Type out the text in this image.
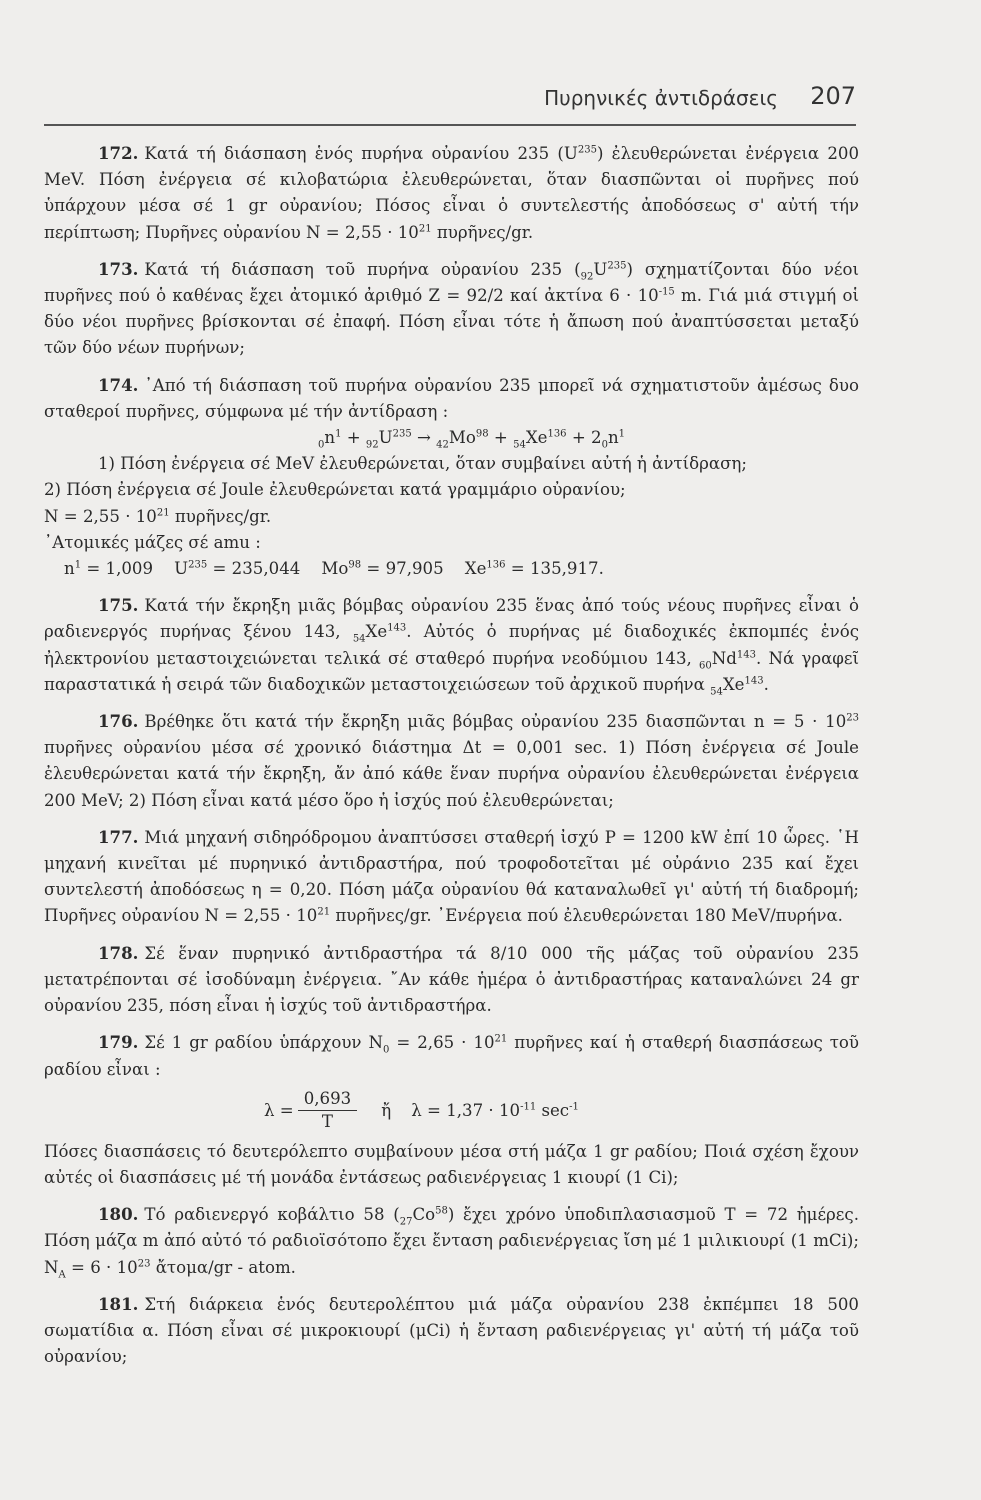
Πυρηνικές ἀντιδράσεις 207

172. Κατά τή διάσπαση ἑνός πυρήνα οὐρανίου 235 $(U^{235})$ ἐλευθερώνεται ἐνέργεια 200 MeV. Πόση ἐνέργεια σέ κιλοβατώρια ἐλευθερώνεται, ὅταν διασπῶνται οἱ πυρῆνες πού ὑπάρχουν μέσα σέ 1 gr οὐρανίου; Πόσος εἶναι ὁ συντελεστής ἀποδόσεως σ' αὐτή τήν περίπτωση; Πυρῆνες οὐρανίου $N = 2,55 \cdot 10^{21}$ πυρῆνες/gr.

173. Κατά τή διάσπαση τοῦ πυρήνα οὐρανίου 235 $(_{92}U^{235})$ σχηματίζονται δύο νέοι πυρῆνες πού ὁ καθένας ἔχει ἀτομικό ἀριθμό Z = 92/2 καί ἀκτίνα $6 \cdot 10^{-15}$ m. Γιά μιά στιγμή οἱ δύο νέοι πυρῆνες βρίσκονται σέ ἐπαφή. Πόση εἶναι τότε ἡ ἄπωση πού ἀναπτύσσεται μεταξύ τῶν δύο νέων πυρήνων;

174. ᾿Από τή διάσπαση τοῦ πυρήνα οὐρανίου 235 μπορεῖ νά σχηματιστοῦν ἀμέσως δυο σταθεροί πυρῆνες, σύμφωνα μέ τήν ἀντίδραση :

$_0n^1 + _{92}U^{235} \to _{42}Mo^{98} + _{54}Xe^{136} + 2_0n^1$

1) Πόση ἐνέργεια σέ MeV ἐλευθερώνεται, ὅταν συμβαίνει αὐτή ἡ ἀντίδραση;

2) Πόση ἐνέργεια σέ Joule ἐλευθερώνεται κατά γραμμάριο οὐρανίου;

$N = 2,55 \cdot 10^{21}$ πυρῆνες/gr.

᾿Ατομικές μάζες σέ amu :

$n^1 = 1,009$ $U^{235} = 235,044$ $Mo^{98} = 97,905$ $Xe^{136} = 135,917$.

175. Κατά τήν ἔκρηξη μιᾶς βόμβας οὐρανίου 235 ἕνας ἀπό τούς νέους πυρῆνες εἶναι ὁ ραδιενεργός πυρήνας ξένου 143, $_{54}Xe^{143}$. Αὐτός ὁ πυρήνας μέ διαδοχικές ἐκπομπές ἑνός ἠλεκτρονίου μεταστοιχειώνεται τελικά σέ σταθερό πυρήνα νεοδύμιου 143, $_{60}Nd^{143}$. Νά γραφεῖ παραστατικά ἡ σειρά τῶν διαδοχικῶν μεταστοιχειώσεων τοῦ ἀρχικοῦ πυρήνα $_{54}Xe^{143}$.

176. Βρέθηκε ὅτι κατά τήν ἔκρηξη μιᾶς βόμβας οὐρανίου 235 διασπῶνται $n = 5 \cdot 10^{23}$ πυρῆνες οὐρανίου μέσα σέ χρονικό διάστημα Δt = 0,001 sec. 1) Πόση ἐνέργεια σέ Joule ἐλευθερώνεται κατά τήν ἔκρηξη, ἄν ἀπό κάθε ἕναν πυρήνα οὐρανίου ἐλευθερώνεται ἐνέργεια 200 MeV; 2) Πόση εἶναι κατά μέσο ὅρο ἡ ἰσχύς πού ἐλευθερώνεται;

177. Μιά μηχανή σιδηρόδρομου ἀναπτύσσει σταθερή ἰσχύ P = 1200 kW ἐπί 10 ὧρες. ῾Η μηχανή κινεῖται μέ πυρηνικό ἀντιδραστήρα, πού τροφοδοτεῖται μέ οὐράνιο 235 καί ἔχει συντελεστή ἀποδόσεως η = 0,20. Πόση μάζα οὐρανίου θά καταναλωθεῖ γι' αὐτή τή διαδρομή; Πυρῆνες οὐρανίου $N = 2,55 \cdot 10^{21}$ πυρῆνες/gr. ᾿Ενέργεια πού ἐλευθερώνεται 180 MeV/πυρήνα.

178. Σέ ἕναν πυρηνικό ἀντιδραστήρα τά 8/10 000 τῆς μάζας τοῦ οὐρανίου 235 μετατρέπονται σέ ἰσοδύναμη ἐνέργεια. ῎Αν κάθε ἡμέρα ὁ ἀντιδραστήρας καταναλώνει 24 gr οὐρανίου 235, πόση εἶναι ἡ ἰσχύς τοῦ ἀντιδραστήρα.

179. Σέ 1 gr ραδίου ὑπάρχουν $N_0 = 2,65 \cdot 10^{21}$ πυρῆνες καί ἡ σταθερή διασπάσεως τοῦ ραδίου εἶναι :

$\lambda = \frac{0,693}{T}$	ἤ	$\lambda = 1,37 \cdot 10^{-11}$ $\sec^{-1}$

Πόσες διασπάσεις τό δευτερόλεπτο συμβαίνουν μέσα στή μάζα 1 gr ραδίου; Ποιά σχέση ἔχουν αὐτές οἱ διασπάσεις μέ τή μονάδα ἐντάσεως ραδιενέργειας 1 κιουρί (1 Ci);

180. Τό ραδιενεργό κοβάλτιο 58 $(_{27}Co^{58})$ ἔχει χρόνο ὑποδιπλασιασμοῦ T = 72 ἡμέρες. Πόση μάζα m ἀπό αὐτό τό ραδιοϊσότοπο ἔχει ἔνταση ραδιενέργειας ἴση μέ 1 μιλικιουρί (1 mCi); $N_A = 6 \cdot 10^{23}$ ἄτομα/gr - atom.

181. Στή διάρκεια ἑνός δευτερολέπτου μιά μάζα οὐρανίου 238 ἐκπέμπει 18 500 σωματίδια α. Πόση εἶναι σέ μικροκιουρί (μCi) ἡ ἔνταση ραδιενέργειας γι' αὐτή τή μάζα τοῦ οὐρανίου;
